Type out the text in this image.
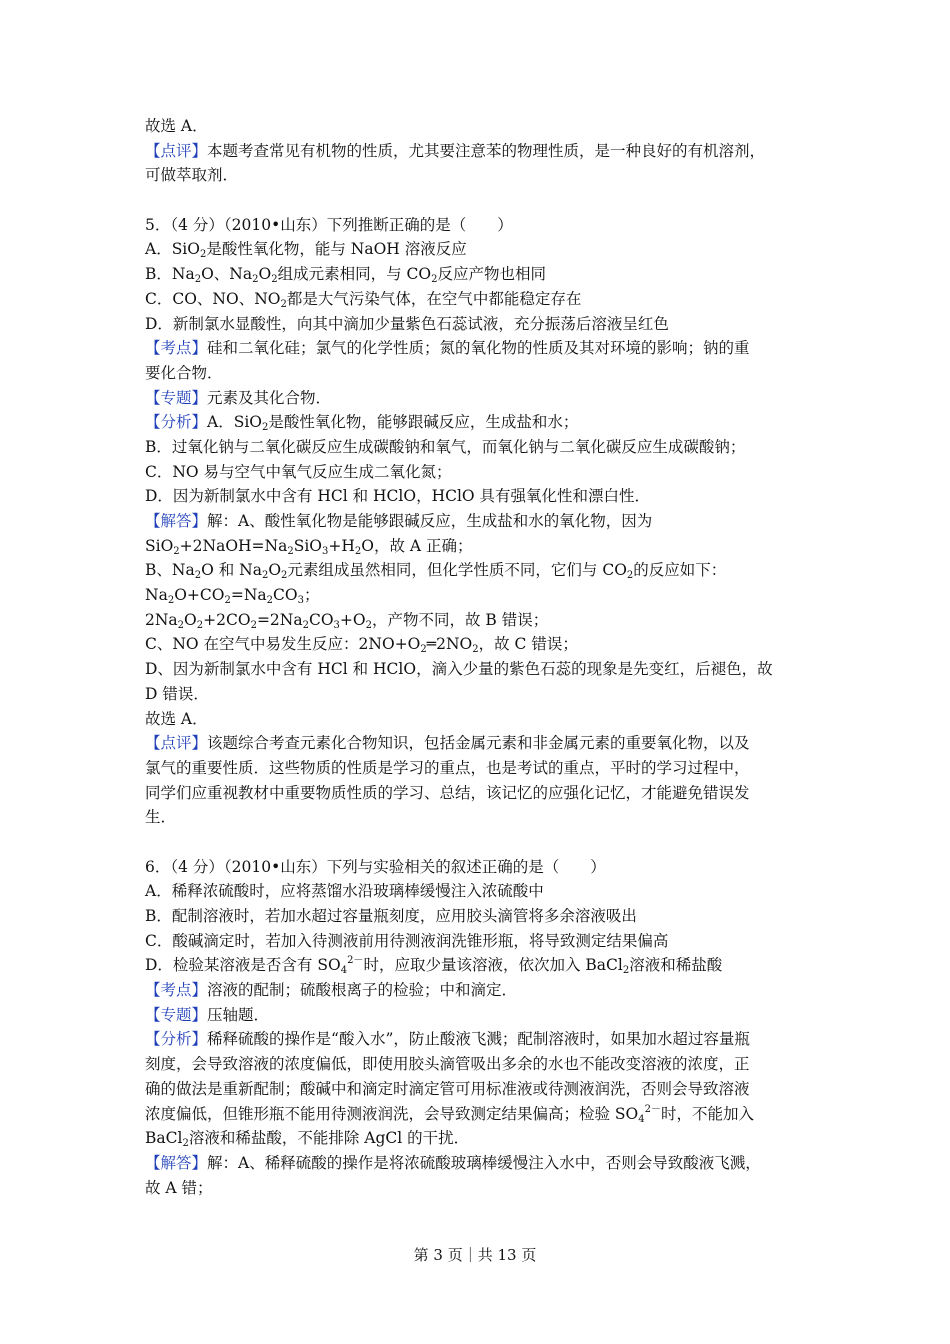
故选 A．
【点评】本题考查常见有机物的性质，尤其要注意苯的物理性质，是一种良好的有机溶剂，
可做萃取剂．
5．（4 分）（2010•山东）下列推断正确的是（　　）
A．SiO$_2$是酸性氧化物，能与 NaOH 溶液反应
B．$Na_2O$、$Na_2O_2$组成元素相同，与 $CO_2$反应产物也相同
C．CO、NO、$NO_2$都是大气污染气体，在空气中都能稳定存在
D．新制氯水显酸性，向其中滴加少量紫色石蕊试液，充分振荡后溶液呈红色
【考点】硅和二氧化硅；氯气的化学性质；氮的氧化物的性质及其对环境的影响；钠的重
要化合物．
【专题】元素及其化合物．
【分析】A．SiO$_2$是酸性氧化物，能够跟碱反应，生成盐和水；
B．过氧化钠与二氧化碳反应生成碳酸钠和氧气，而氧化钠与二氧化碳反应生成碳酸钠；
C．NO 易与空气中氧气反应生成二氧化氮；
D．因为新制氯水中含有 HCl 和 HClO，HClO 具有强氧化性和漂白性．
【解答】解：A、酸性氧化物是能够跟碱反应，生成盐和水的氧化物，因为
$SiO_2+2NaOH=Na_2SiO_3+H_2O$，故 A 正确；
B、$Na_2O$ 和 $Na_2O_2$元素组成虽然相同，但化学性质不同，它们与 $CO_2$的反应如下：
$Na_2O+CO_2=Na_2CO_3$；
$2Na_2O_2+2CO_2=2Na_2CO_3+O_2$，产物不同，故 B 错误；
C、NO 在空气中易发生反应：$2NO+O_2═2NO_2$，故 C 错误；
D、因为新制氯水中含有 HCl 和 HClO，滴入少量的紫色石蕊的现象是先变红，后褪色，故
D 错误．
故选 A．
【点评】该题综合考查元素化合物知识，包括金属元素和非金属元素的重要氧化物，以及
氯气的重要性质．这些物质的性质是学习的重点，也是考试的重点，平时的学习过程中，
同学们应重视教材中重要物质性质的学习、总结，该记忆的应强化记忆，才能避免错误发
生．
6．（4 分）（2010•山东）下列与实验相关的叙述正确的是（　　）
A．稀释浓硫酸时，应将蒸馏水沿玻璃棒缓慢注入浓硫酸中
B．配制溶液时，若加水超过容量瓶刻度，应用胶头滴管将多余溶液吸出
C．酸碱滴定时，若加入待测液前用待测液润洗锥形瓶，将导致测定结果偏高
D．检验某溶液是否含有 $SO_4^{2-}$时，应取少量该溶液，依次加入 BaCl$_2$溶液和稀盐酸
【考点】溶液的配制；硫酸根离子的检验；中和滴定．
【专题】压轴题．
【分析】稀释硫酸的操作是“酸入水”，防止酸液飞溅；配制溶液时，如果加水超过容量瓶
刻度，会导致溶液的浓度偏低，即使用胶头滴管吸出多余的水也不能改变溶液的浓度，正
确的做法是重新配制；酸碱中和滴定时滴定管可用标准液或待测液润洗，否则会导致溶液
浓度偏低，但锥形瓶不能用待测液润洗，会导致测定结果偏高；检验 $SO_4^{2-}$时，不能加入
BaCl$_2$溶液和稀盐酸，不能排除 AgCl 的干扰．
【解答】解：A、稀释硫酸的操作是将浓硫酸玻璃棒缓慢注入水中，否则会导致酸液飞溅，
故 A 错；
第 3 页｜共 13 页
